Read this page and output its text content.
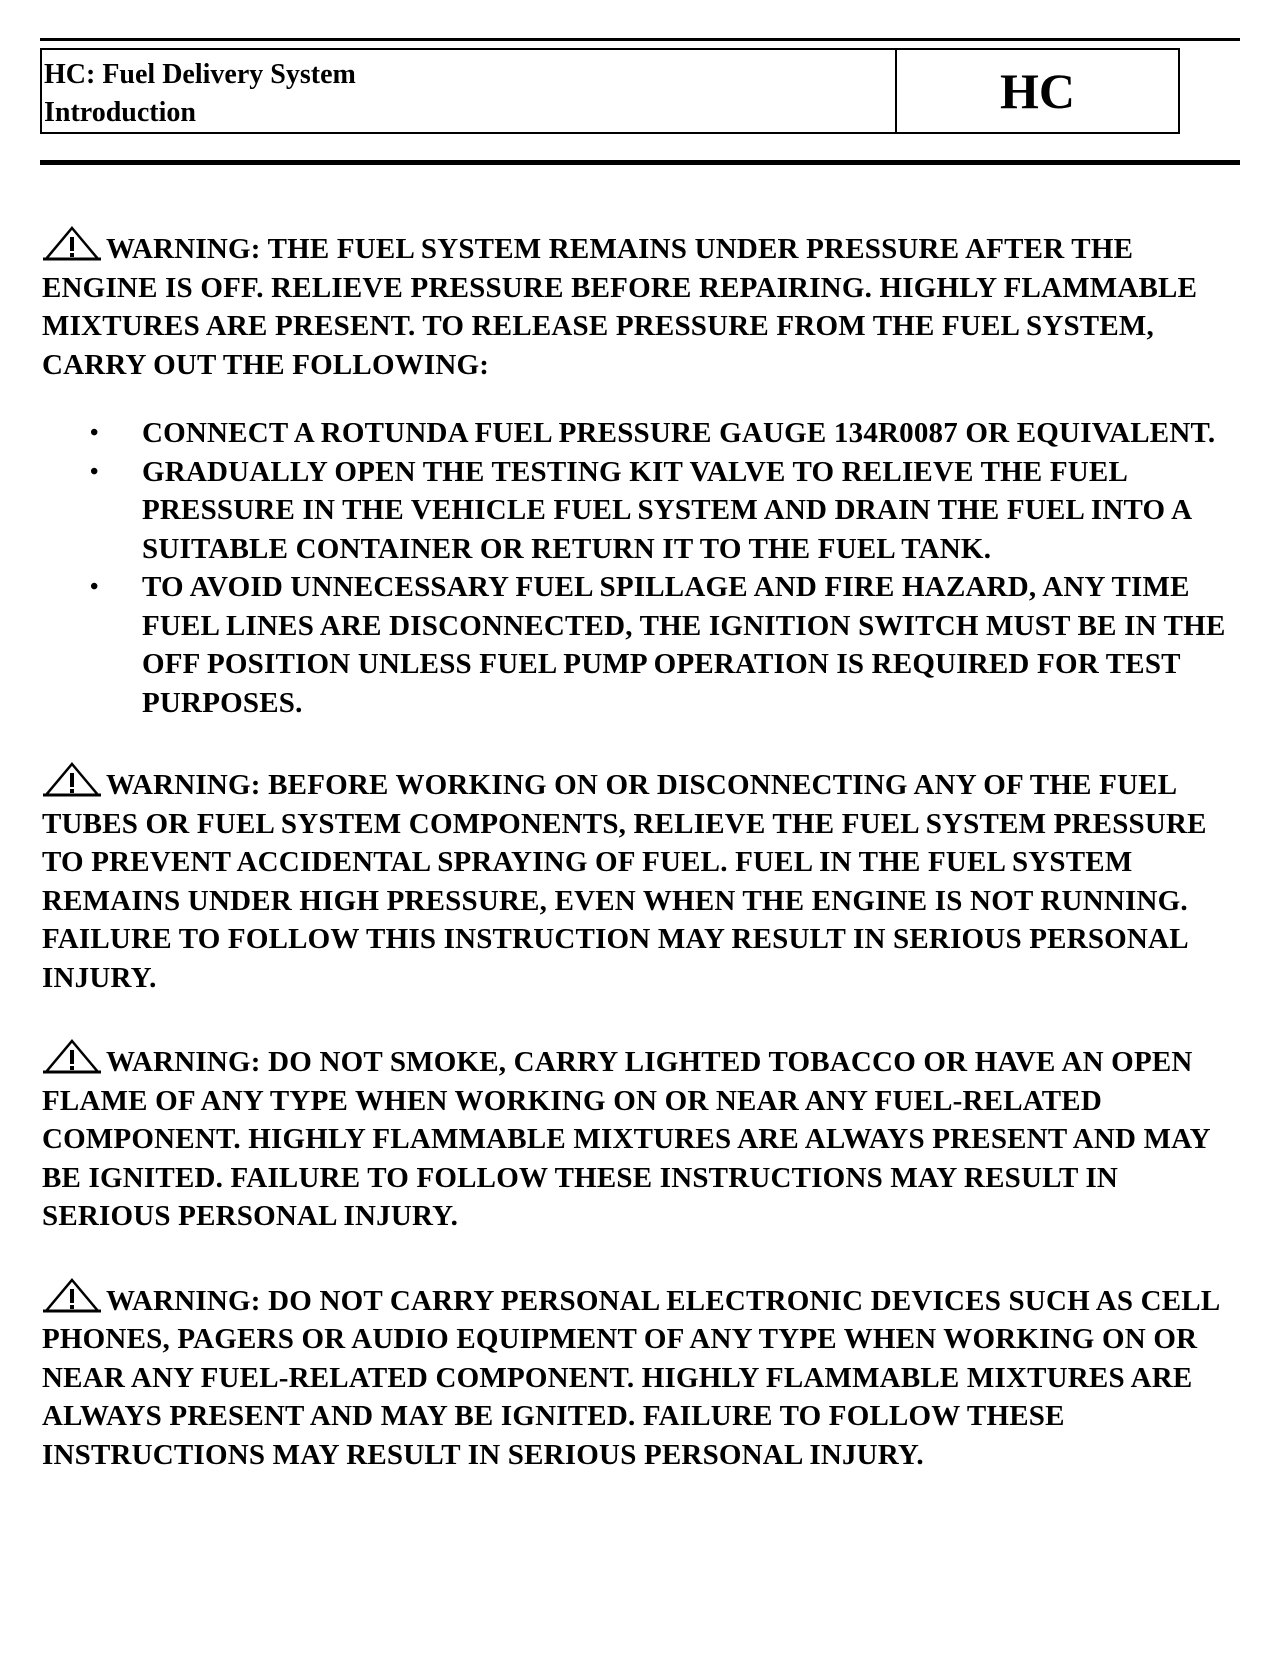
HC: Fuel Delivery System
Introduction	HC

WARNING: THE FUEL SYSTEM REMAINS UNDER PRESSURE AFTER THE ENGINE IS OFF. RELIEVE PRESSURE BEFORE REPAIRING. HIGHLY FLAMMABLE MIXTURES ARE PRESENT. TO RELEASE PRESSURE FROM THE FUEL SYSTEM, CARRY OUT THE FOLLOWING:

• CONNECT A ROTUNDA FUEL PRESSURE GAUGE 134R0087 OR EQUIVALENT.
• GRADUALLY OPEN THE TESTING KIT VALVE TO RELIEVE THE FUEL PRESSURE IN THE VEHICLE FUEL SYSTEM AND DRAIN THE FUEL INTO A SUITABLE CONTAINER OR RETURN IT TO THE FUEL TANK.
• TO AVOID UNNECESSARY FUEL SPILLAGE AND FIRE HAZARD, ANY TIME FUEL LINES ARE DISCONNECTED, THE IGNITION SWITCH MUST BE IN THE OFF POSITION UNLESS FUEL PUMP OPERATION IS REQUIRED FOR TEST PURPOSES.

WARNING: BEFORE WORKING ON OR DISCONNECTING ANY OF THE FUEL TUBES OR FUEL SYSTEM COMPONENTS, RELIEVE THE FUEL SYSTEM PRESSURE TO PREVENT ACCIDENTAL SPRAYING OF FUEL. FUEL IN THE FUEL SYSTEM REMAINS UNDER HIGH PRESSURE, EVEN WHEN THE ENGINE IS NOT RUNNING. FAILURE TO FOLLOW THIS INSTRUCTION MAY RESULT IN SERIOUS PERSONAL INJURY.

WARNING: DO NOT SMOKE, CARRY LIGHTED TOBACCO OR HAVE AN OPEN FLAME OF ANY TYPE WHEN WORKING ON OR NEAR ANY FUEL-RELATED COMPONENT. HIGHLY FLAMMABLE MIXTURES ARE ALWAYS PRESENT AND MAY BE IGNITED. FAILURE TO FOLLOW THESE INSTRUCTIONS MAY RESULT IN SERIOUS PERSONAL INJURY.

WARNING: DO NOT CARRY PERSONAL ELECTRONIC DEVICES SUCH AS CELL PHONES, PAGERS OR AUDIO EQUIPMENT OF ANY TYPE WHEN WORKING ON OR NEAR ANY FUEL-RELATED COMPONENT. HIGHLY FLAMMABLE MIXTURES ARE ALWAYS PRESENT AND MAY BE IGNITED. FAILURE TO FOLLOW THESE INSTRUCTIONS MAY RESULT IN SERIOUS PERSONAL INJURY.
